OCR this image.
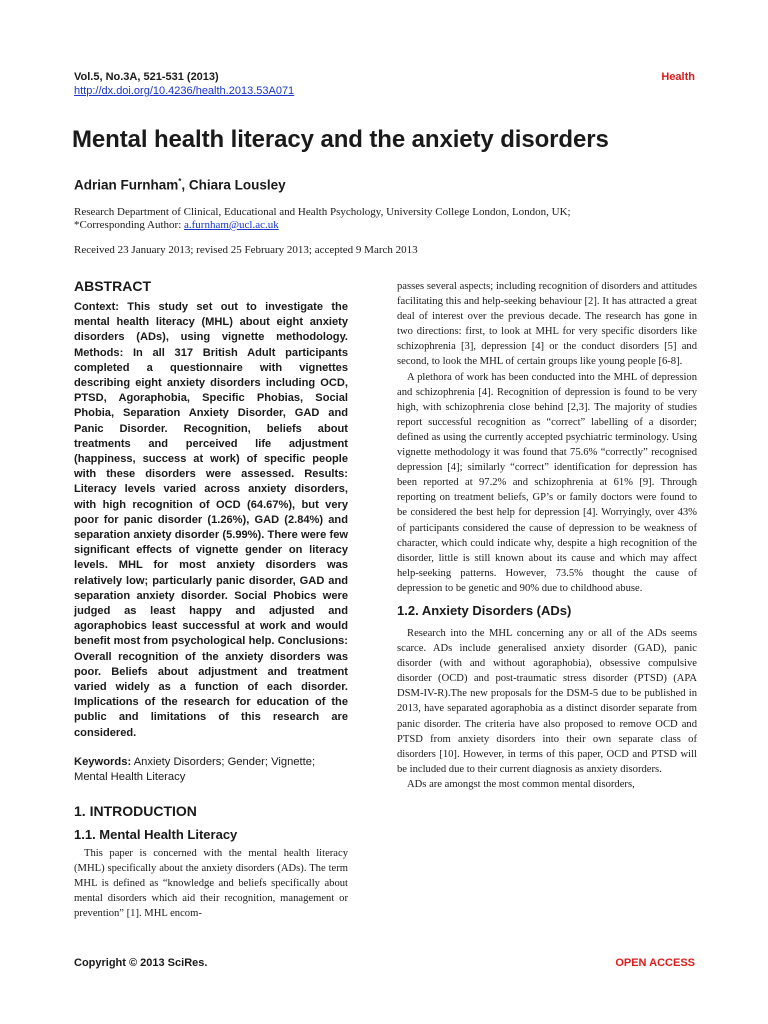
Vol.5, No.3A, 521-531 (2013)
http://dx.doi.org/10.4236/health.2013.53A071
Health
Mental health literacy and the anxiety disorders
Adrian Furnham*, Chiara Lousley
Research Department of Clinical, Educational and Health Psychology, University College London, London, UK;
*Corresponding Author: a.furnham@ucl.ac.uk
Received 23 January 2013; revised 25 February 2013; accepted 9 March 2013
ABSTRACT

Context: This study set out to investigate the mental health literacy (MHL) about eight anxiety disorders (ADs), using vignette methodology. Methods: In all 317 British Adult participants completed a questionnaire with vignettes describing eight anxiety disorders including OCD, PTSD, Agoraphobia, Specific Phobias, Social Phobia, Separation Anxiety Disorder, GAD and Panic Disorder. Recognition, beliefs about treatments and perceived life adjustment (happiness, success at work) of specific people with these disorders were assessed. Results: Literacy levels varied across anxiety disorders, with high recognition of OCD (64.67%), but very poor for panic disorder (1.26%), GAD (2.84%) and separation anxiety disorder (5.99%). There were few significant effects of vignette gender on literacy levels. MHL for most anxiety disorders was relatively low; particularly panic disorder, GAD and separation anxiety disorder. Social Phobics were judged as least happy and adjusted and agoraphobics least successful at work and would benefit most from psychological help. Conclusions: Overall recognition of the anxiety disorders was poor. Beliefs about adjustment and treatment varied widely as a function of each disorder. Implications of the research for education of the public and limitations of this research are considered.

Keywords: Anxiety Disorders; Gender; Vignette; Mental Health Literacy

1. INTRODUCTION
1.1. Mental Health Literacy

This paper is concerned with the mental health literacy (MHL) specifically about the anxiety disorders (ADs). The term MHL is defined as “knowledge and beliefs specifically about mental disorders which aid their recognition, management or prevention” [1]. MHL encom-

passes several aspects; including recognition of disorders and attitudes facilitating this and help-seeking behaviour [2]. It has attracted a great deal of interest over the previous decade. The research has gone in two directions: first, to look at MHL for very specific disorders like schizophrenia [3], depression [4] or the conduct disorders [5] and second, to look the MHL of certain groups like young people [6-8].

A plethora of work has been conducted into the MHL of depression and schizophrenia [4]. Recognition of depression is found to be very high, with schizophrenia close behind [2,3]. The majority of studies report successful recognition as “correct” labelling of a disorder; defined as using the currently accepted psychiatric terminology. Using vignette methodology it was found that 75.6% “correctly” recognised depression [4]; similarly “correct” identification for depression has been reported at 97.2% and schizophrenia at 61% [9]. Through reporting on treatment beliefs, GP’s or family doctors were found to be considered the best help for depression [4]. Worryingly, over 43% of participants considered the cause of depression to be weakness of character, which could indicate why, despite a high recognition of the disorder, little is still known about its cause and which may affect help-seeking patterns. However, 73.5% thought the cause of depression to be genetic and 90% due to childhood abuse.

1.2. Anxiety Disorders (ADs)

Research into the MHL concerning any or all of the ADs seems scarce. ADs include generalised anxiety disorder (GAD), panic disorder (with and without agoraphobia), obsessive compulsive disorder (OCD) and post-traumatic stress disorder (PTSD) (APA DSM-IV-R).The new proposals for the DSM-5 due to be published in 2013, have separated agoraphobia as a distinct disorder separate from panic disorder. The criteria have also proposed to remove OCD and PTSD from anxiety disorders into their own separate class of disorders [10]. However, in terms of this paper, OCD and PTSD will be included due to their current diagnosis as anxiety disorders.

ADs are amongst the most common mental disorders,

Copyright © 2013 SciRes.	OPEN ACCESS
